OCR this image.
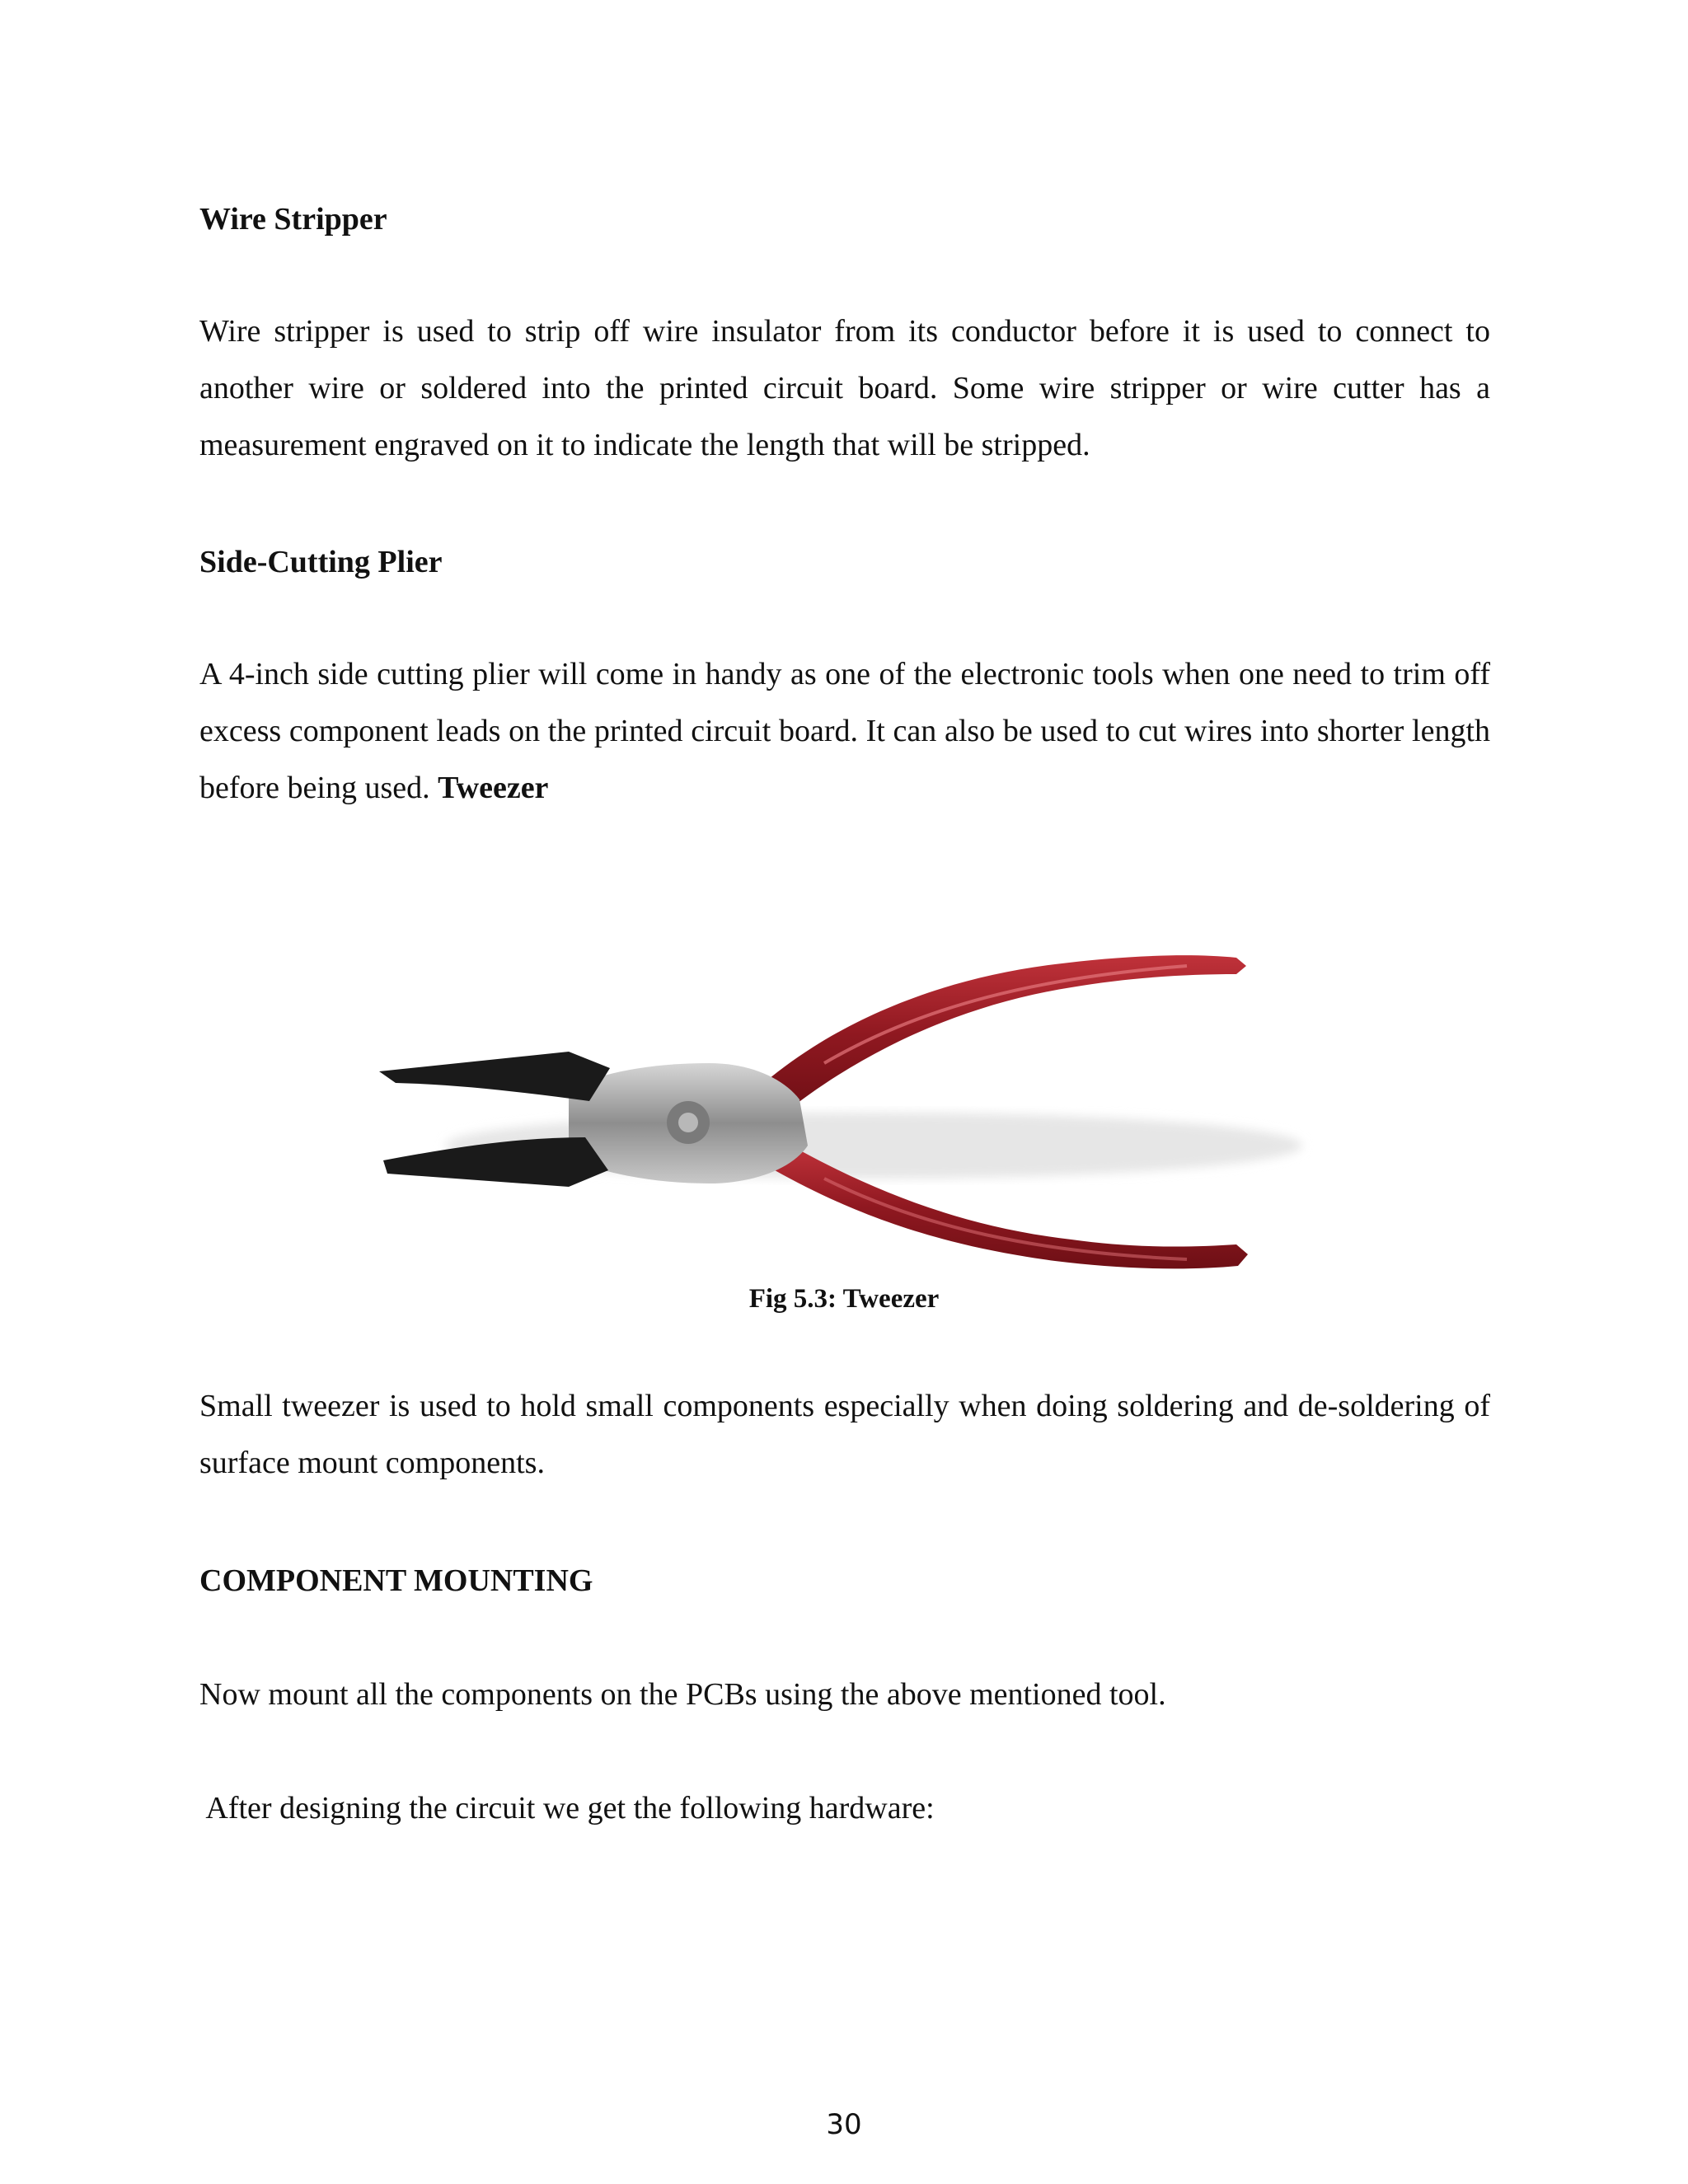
Wire Stripper

Wire stripper is used to strip off wire insulator from its conductor before it is used to connect to another wire or soldered into the printed circuit board. Some wire stripper or wire cutter has a measurement engraved on it to indicate the length that will be stripped.

Side-Cutting Plier

A 4-inch side cutting plier will come in handy as one of the electronic tools when one need to trim off excess component leads on the printed circuit board. It can also be used to cut wires into shorter length before being used. Tweezer

Fig 5.3: Tweezer

Small tweezer is used to hold small components especially when doing soldering and de-soldering of surface mount components.

COMPONENT MOUNTING

Now mount all the components on the PCBs using the above mentioned tool.

After designing the circuit we get the following hardware:

30
